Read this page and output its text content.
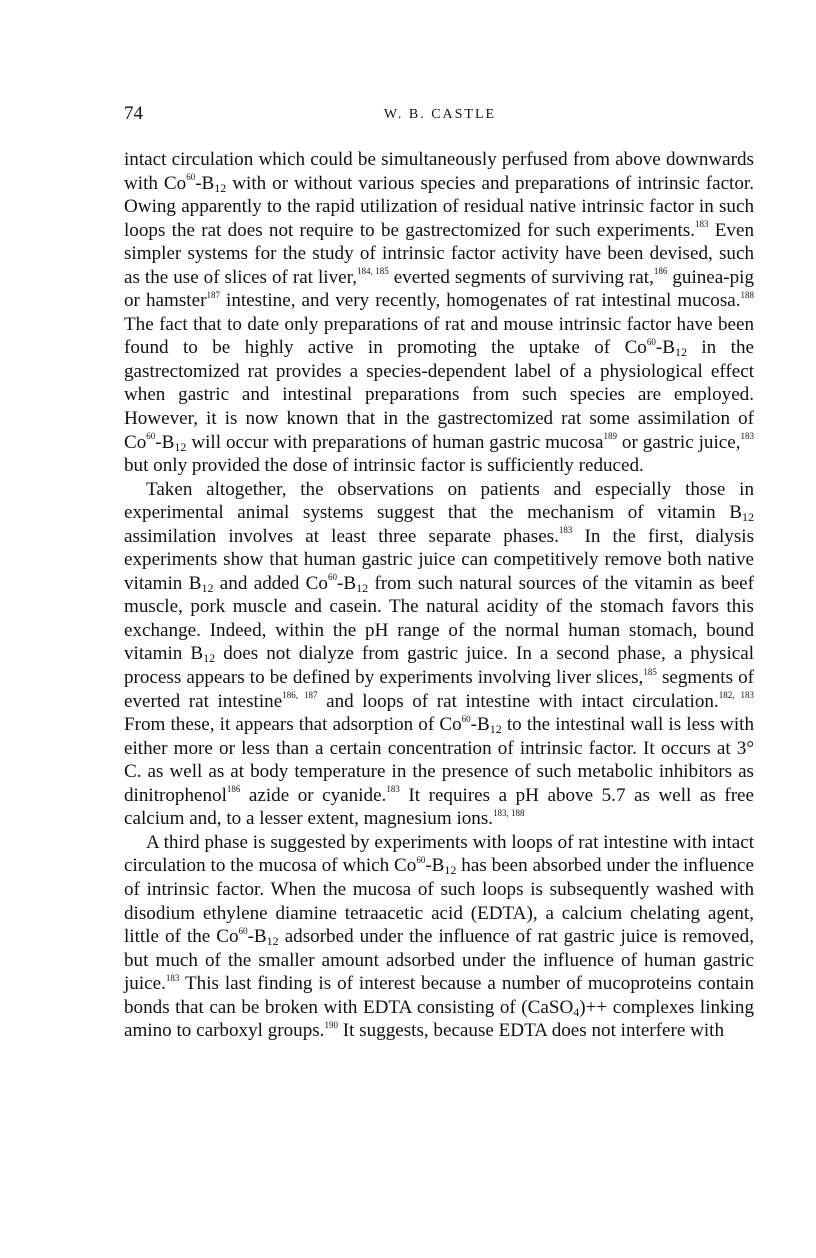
74	W. B. CASTLE

intact circulation which could be simultaneously perfused from above downwards with $Co^{60}-B_{12}$ with or without various species and preparations of intrinsic factor. Owing apparently to the rapid utilization of residual native intrinsic factor in such loops the rat does not require to be gastrectomized for such experiments.$^{183}$ Even simpler systems for the study of intrinsic factor activity have been devised, such as the use of slices of rat liver,$^{184, 185}$ everted segments of surviving rat,$^{186}$ guinea-pig or hamster$^{187}$ intestine, and very recently, homogenates of rat intestinal mucosa.$^{188}$ The fact that to date only preparations of rat and mouse intrinsic factor have been found to be highly active in promoting the uptake of $Co^{60}-B_{12}$ in the gastrectomized rat provides a species-dependent label of a physiological effect when gastric and intestinal preparations from such species are employed. However, it is now known that in the gastrectomized rat some assimilation of $Co^{60}-B_{12}$ will occur with preparations of human gastric mucosa$^{189}$ or gastric juice,$^{183}$ but only provided the dose of intrinsic factor is sufficiently reduced.

Taken altogether, the observations on patients and especially those in experimental animal systems suggest that the mechanism of vitamin $B_{12}$ assimilation involves at least three separate phases.$^{183}$ In the first, dialysis experiments show that human gastric juice can competitively remove both native vitamin $B_{12}$ and added $Co^{60}-B_{12}$ from such natural sources of the vitamin as beef muscle, pork muscle and casein. The natural acidity of the stomach favors this exchange. Indeed, within the pH range of the normal human stomach, bound vitamin $B_{12}$ does not dialyze from gastric juice. In a second phase, a physical process appears to be defined by experiments involving liver slices,$^{185}$ segments of everted rat intestine$^{186, 187}$ and loops of rat intestine with intact circulation.$^{182, 183}$ From these, it appears that adsorption of $Co^{60}-B_{12}$ to the intestinal wall is less with either more or less than a certain concentration of intrinsic factor. It occurs at 3° C. as well as at body temperature in the presence of such metabolic inhibitors as dinitrophenol$^{186}$ azide or cyanide.$^{183}$ It requires a pH above 5.7 as well as free calcium and, to a lesser extent, magnesium ions.$^{183, 188}$

A third phase is suggested by experiments with loops of rat intestine with intact circulation to the mucosa of which $Co^{60}-B_{12}$ has been absorbed under the influence of intrinsic factor. When the mucosa of such loops is subsequently washed with disodium ethylene diamine tetraacetic acid (EDTA), a calcium chelating agent, little of the $Co^{60}-B_{12}$ adsorbed under the influence of rat gastric juice is removed, but much of the smaller amount adsorbed under the influence of human gastric juice.$^{183}$ This last finding is of interest because a number of mucoproteins contain bonds that can be broken with EDTA consisting of (CaSO$_4$)++ complexes linking amino to carboxyl groups.$^{190}$ It suggests, because EDTA does not interfere with
